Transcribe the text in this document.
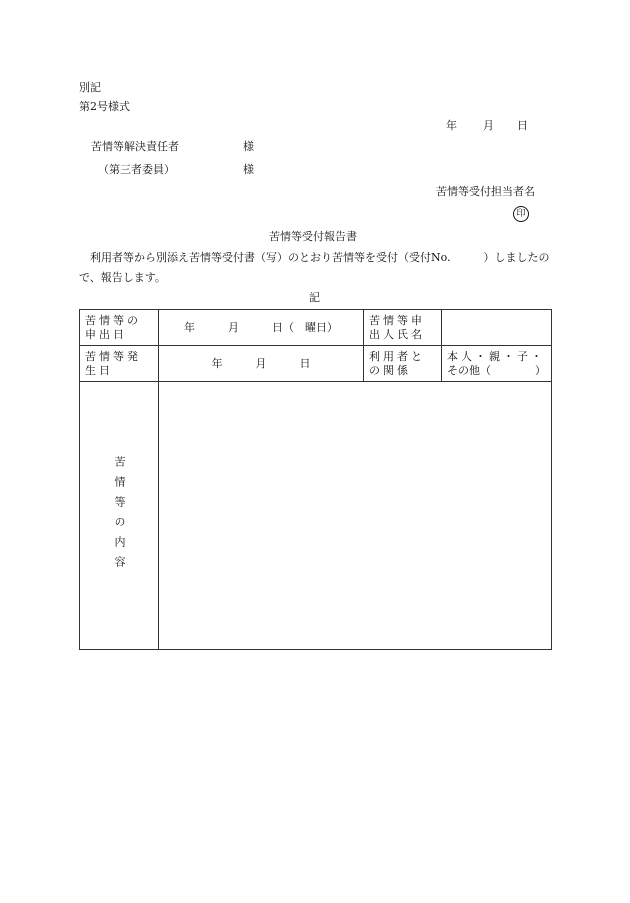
別記
第2号様式
年 月 日
苦情等解決責任者	様
（第三者委員）	様
苦情等受付担当者名
印
苦情等受付報告書
利用者等から別添え苦情等受付書（写）のとおり苦情等を受付（受付No.　　　）しましたので、報告します。
記
苦情等の申出日	年　　　月　　　日（　曜日）	苦情等申出人氏名	
苦情等発生日	年　　　月　　　日	利用者との関係	本人・親・子・
その他（　　　　）

苦情等の内容			
